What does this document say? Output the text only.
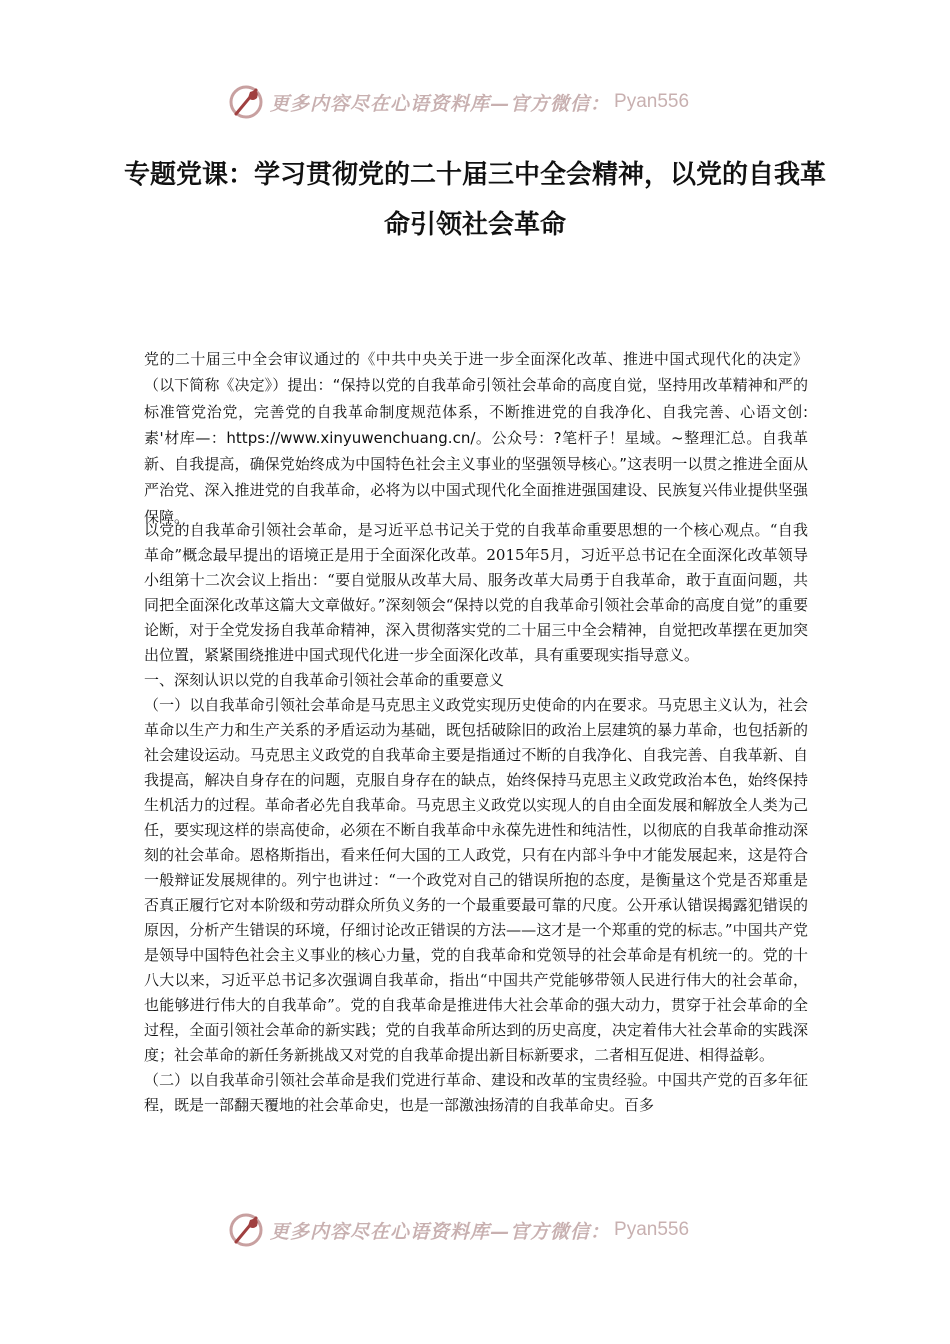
更多内容尽在心语资料库—官方微信： Pyan556
专题党课：学习贯彻党的二十届三中全会精神，以党的自我革命引领社会革命

党的二十届三中全会审议通过的《中共中央关于进一步全面深化改革、推进中国式现代化的决定》（以下简称《决定》）提出：“保持以党的自我革命引领社会革命的高度自觉，坚持用改革精神和严的标准管党治党，完善党的自我革命制度规范体系，不断推进党的自我净化、自我完善、心语文创:素'材库—：https://www.xinyuwenchuang.cn/。公众号：?笔杆子！星域。~整理汇总。自我革新、自我提高，确保党始终成为中国特色社会主义事业的坚强领导核心。”这表明一以贯之推进全面从严治党、深入推进党的自我革命，必将为以中国式现代化全面推进强国建设、民族复兴伟业提供坚强保障。

以党的自我革命引领社会革命，是习近平总书记关于党的自我革命重要思想的一个核心观点。“自我革命”概念最早提出的语境正是用于全面深化改革。2015年5月，习近平总书记在全面深化改革领导小组第十二次会议上指出：“要自觉服从改革大局、服务改革大局勇于自我革命，敢于直面问题，共同把全面深化改革这篇大文章做好。”深刻领会“保持以党的自我革命引领社会革命的高度自觉”的重要论断，对于全党发扬自我革命精神，深入贯彻落实党的二十届三中全会精神，自觉把改革摆在更加突出位置，紧紧围绕推进中国式现代化进一步全面深化改革，具有重要现实指导意义。

一、深刻认识以党的自我革命引领社会革命的重要意义

（一）以自我革命引领社会革命是马克思主义政党实现历史使命的内在要求。马克思主义认为，社会革命以生产力和生产关系的矛盾运动为基础，既包括破除旧的政治上层建筑的暴力革命，也包括新的社会建设运动。马克思主义政党的自我革命主要是指通过不断的自我净化、自我完善、自我革新、自我提高，解决自身存在的问题，克服自身存在的缺点，始终保持马克思主义政党政治本色，始终保持生机活力的过程。革命者必先自我革命。马克思主义政党以实现人的自由全面发展和解放全人类为己任，要实现这样的崇高使命，必须在不断自我革命中永葆先进性和纯洁性，以彻底的自我革命推动深刻的社会革命。恩格斯指出，看来任何大国的工人政党，只有在内部斗争中才能发展起来，这是符合一般辩证发展规律的。列宁也讲过：“一个政党对自己的错误所抱的态度，是衡量这个党是否郑重是否真正履行它对本阶级和劳动群众所负义务的一个最重要最可靠的尺度。公开承认错误揭露犯错误的原因，分析产生错误的环境，仔细讨论改正错误的方法——这才是一个郑重的党的标志。”中国共产党是领导中国特色社会主义事业的核心力量，党的自我革命和党领导的社会革命是有机统一的。党的十八大以来，习近平总书记多次强调自我革命，指出“中国共产党能够带领人民进行伟大的社会革命，也能够进行伟大的自我革命”。党的自我革命是推进伟大社会革命的强大动力，贯穿于社会革命的全过程，全面引领社会革命的新实践；党的自我革命所达到的历史高度，决定着伟大社会革命的实践深度；社会革命的新任务新挑战又对党的自我革命提出新目标新要求，二者相互促进、相得益彰。

（二）以自我革命引领社会革命是我们党进行革命、建设和改革的宝贵经验。中国共产党的百多年征程，既是一部翻天覆地的社会革命史，也是一部激浊扬清的自我革命史。百多

更多内容尽在心语资料库—官方微信： Pyan556
